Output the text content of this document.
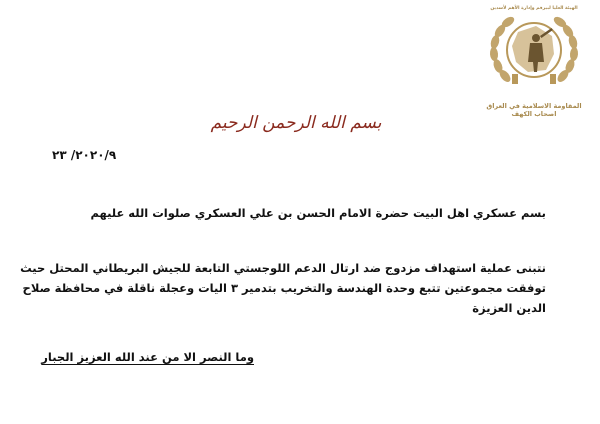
الهيئة العليا لبيرقم وإدارة الأهم لأسدين
المقاومة الاسلامية في العراق
اصحاب الكهف
بسم الله الرحمن الرحيم
٢٠٢٠/٩/ ٢٣
بسم عسكري اهل البيت حضرة الامام الحسن بن علي العسكري صلوات الله عليهم
نتبنى عملية استهداف مزدوج ضد ارتال الدعم اللوجستي التابعة للجيش البريطاني المحتل حيث
توفقت مجموعتين تتبع وحدة الهندسة والتخريب بتدمير ٣ اليات وعجلة ناقلة في محافظة صلاح
الدين العزيزة
وما النصر الا من عند الله العزيز الجبار
